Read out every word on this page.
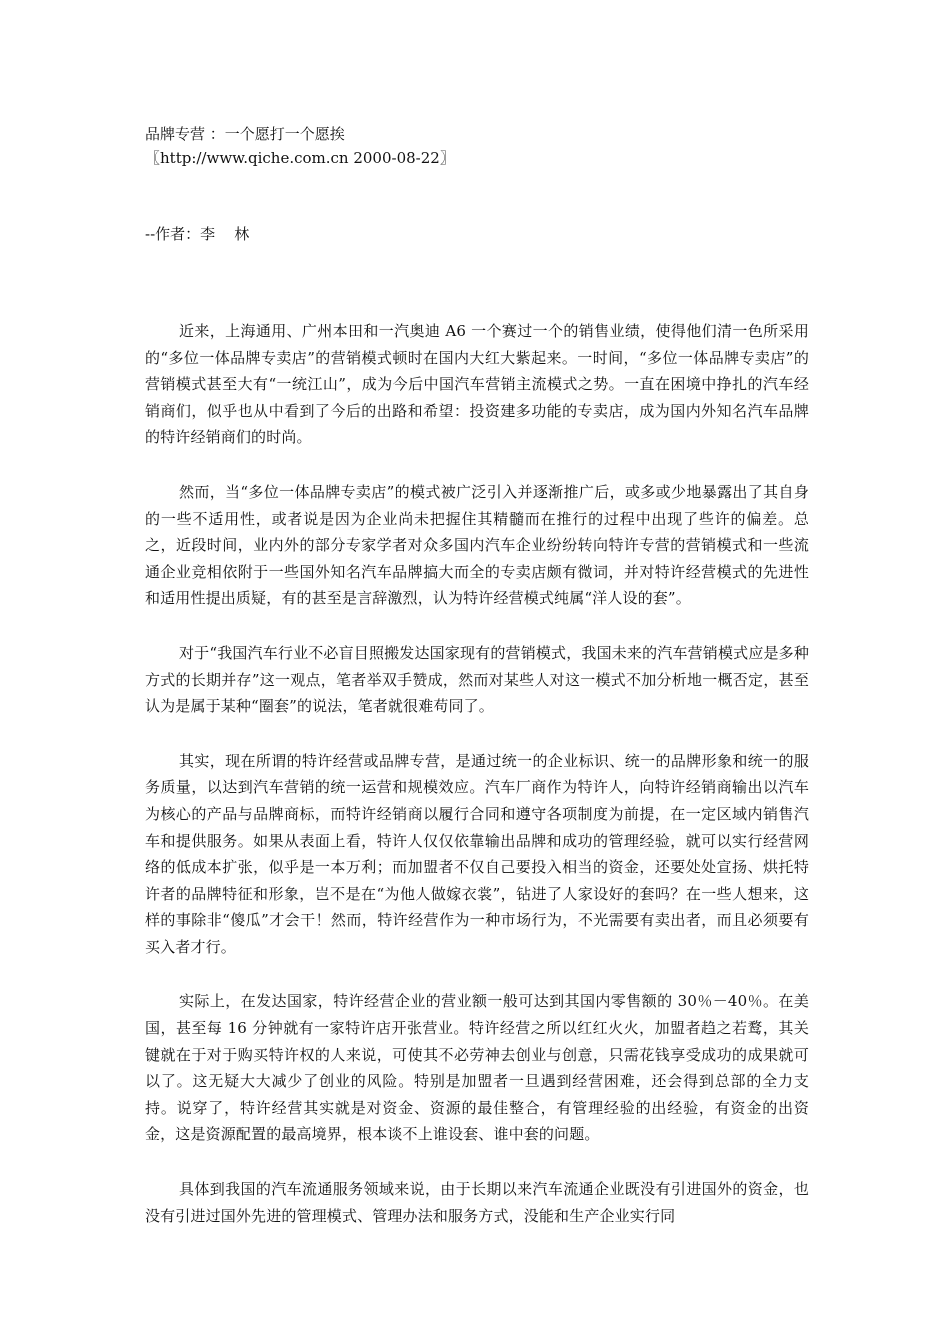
品牌专营 ：一个愿打一个愿挨

〖http://www.qiche.com.cn 2000-08-22〗

--作者：李    林

近来，上海通用、广州本田和一汽奥迪 A6 一个赛过一个的销售业绩，使得他们清一色所采用的“多位一体品牌专卖店”的营销模式顿时在国内大红大紫起来。一时间，“多位一体品牌专卖店”的营销模式甚至大有“一统江山”，成为今后中国汽车营销主流模式之势。一直在困境中挣扎的汽车经销商们，似乎也从中看到了今后的出路和希望：投资建多功能的专卖店，成为国内外知名汽车品牌的特许经销商们的时尚。

然而，当“多位一体品牌专卖店”的模式被广泛引入并逐渐推广后，或多或少地暴露出了其自身的一些不适用性，或者说是因为企业尚未把握住其精髓而在推行的过程中出现了些许的偏差。总之，近段时间，业内外的部分专家学者对众多国内汽车企业纷纷转向特许专营的营销模式和一些流通企业竞相依附于一些国外知名汽车品牌搞大而全的专卖店颇有微词，并对特许经营模式的先进性和适用性提出质疑，有的甚至是言辞激烈，认为特许经营模式纯属“洋人设的套”。

对于“我国汽车行业不必盲目照搬发达国家现有的营销模式，我国未来的汽车营销模式应是多种方式的长期并存”这一观点，笔者举双手赞成，然而对某些人对这一模式不加分析地一概否定，甚至认为是属于某种“圈套”的说法，笔者就很难苟同了。

其实，现在所谓的特许经营或品牌专营，是通过统一的企业标识、统一的品牌形象和统一的服务质量，以达到汽车营销的统一运营和规模效应。汽车厂商作为特许人，向特许经销商输出以汽车为核心的产品与品牌商标，而特许经销商以履行合同和遵守各项制度为前提，在一定区域内销售汽车和提供服务。如果从表面上看，特许人仅仅依靠输出品牌和成功的管理经验，就可以实行经营网络的低成本扩张，似乎是一本万利；而加盟者不仅自己要投入相当的资金，还要处处宣扬、烘托特许者的品牌特征和形象，岂不是在“为他人做嫁衣裳”，钻进了人家设好的套吗？在一些人想来，这样的事除非“傻瓜”才会干！然而，特许经营作为一种市场行为，不光需要有卖出者，而且必须要有买入者才行。

实际上，在发达国家，特许经营企业的营业额一般可达到其国内零售额的 30％－40％。在美国，甚至每 16 分钟就有一家特许店开张营业。特许经营之所以红红火火，加盟者趋之若鹜，其关键就在于对于购买特许权的人来说，可使其不必劳神去创业与创意，只需花钱享受成功的成果就可以了。这无疑大大减少了创业的风险。特别是加盟者一旦遇到经营困难，还会得到总部的全力支持。说穿了，特许经营其实就是对资金、资源的最佳整合，有管理经验的出经验，有资金的出资金，这是资源配置的最高境界，根本谈不上谁设套、谁中套的问题。

具体到我国的汽车流通服务领域来说，由于长期以来汽车流通企业既没有引进国外的资金，也没有引进过国外先进的管理模式、管理办法和服务方式，没能和生产企业实行同
